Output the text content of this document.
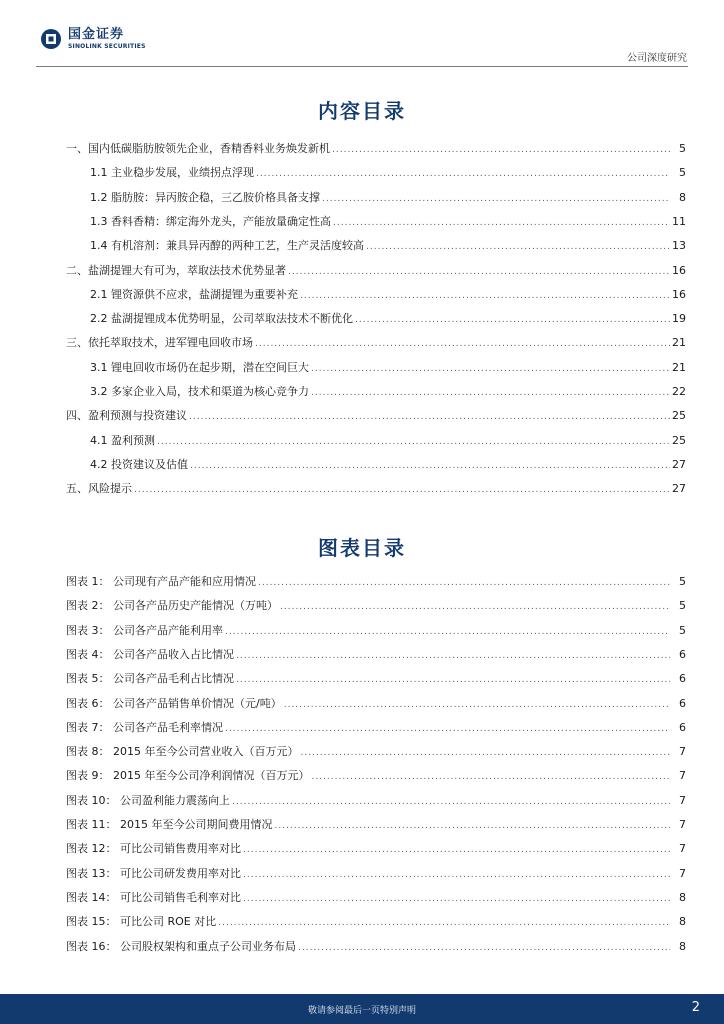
国金证券
SINOLINK SECURITIES
公司深度研究
内容目录
一、国内低碳脂肪胺领先企业，香精香料业务焕发新机 .....	5
1.1 主业稳步发展，业绩拐点浮现 .....	5
1.2 脂肪胺：异丙胺企稳，三乙胺价格具备支撑 .....	8
1.3 香料香精：绑定海外龙头，产能放量确定性高 .....	11
1.4 有机溶剂：兼具异丙醇的两种工艺，生产灵活度较高 .....	13
二、盐湖提锂大有可为，萃取法技术优势显著 .....	16
2.1 锂资源供不应求，盐湖提锂为重要补充 .....	16
2.2 盐湖提锂成本优势明显，公司萃取法技术不断优化 .....	19
三、依托萃取技术，进军锂电回收市场 .....	21
3.1 锂电回收市场仍在起步期，潜在空间巨大 .....	21
3.2 多家企业入局，技术和渠道为核心竞争力 .....	22
四、盈利预测与投资建议 .....	25
4.1 盈利预测 .....	25
4.2 投资建议及估值 .....	27
五、风险提示 .....	27
图表目录
图表 1： 公司现有产品产能和应用情况 .....	5
图表 2： 公司各产品历史产能情况（万吨） .....	5
图表 3： 公司各产品产能利用率 .....	5
图表 4： 公司各产品收入占比情况 .....	6
图表 5： 公司各产品毛利占比情况 .....	6
图表 6： 公司各产品销售单价情况（元/吨） .....	6
图表 7： 公司各产品毛利率情况 .....	6
图表 8： 2015 年至今公司营业收入（百万元） .....	7
图表 9： 2015 年至今公司净利润情况（百万元） .....	7
图表 10： 公司盈利能力震荡向上 .....	7
图表 11： 2015 年至今公司期间费用情况 .....	7
图表 12： 可比公司销售费用率对比 .....	7
图表 13： 可比公司研发费用率对比 .....	7
图表 14： 可比公司销售毛利率对比 .....	8
图表 15： 可比公司 ROE 对比 .....	8
图表 16： 公司股权架构和重点子公司业务布局 .....	8
敬请参阅最后一页特别声明	2
